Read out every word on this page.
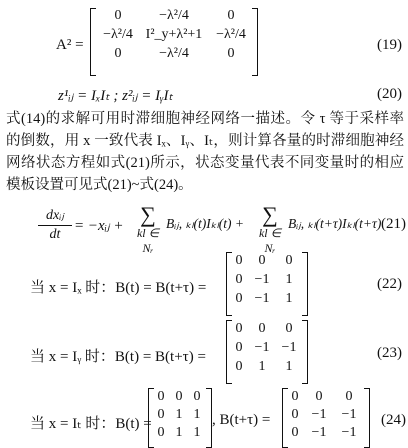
A² =
0	−λ²/4	0
−λ²/4 I²_y+λ²+1 −λ²/4
0	−λ²/4	0
(19)
z¹ᵢⱼ = IₓIₜ ; z²ᵢⱼ = IᵧIₜ	(20)
式(14)的求解可用时滞细胞神经网络一描述。令 τ 等于采样率的倒数，用 x 一致代表 Iₓ、Iᵧ、Iₜ，则计算各量的时滞细胞神经网络状态方程如式(21)所示，状态变量代表不同变量时的相应模板设置可见式(21)~式(24)。
dxᵢⱼ
dt
= −xᵢⱼ + ∑
kl ∈ Nᵣ
Bᵢⱼ, ₖₗ(t)Iₖₗ(t) + ∑
kl ∈ Nᵣ
Bᵢⱼ, ₖₗ(t+τ)Iₖₗ(t+τ) (21)
当 x = Iₓ 时：B(t) = B(t+τ) =
0	0	0
0 −1	1
0 −1	1
(22)
当 x = Iᵧ 时：B(t) = B(t+τ) =
0	0	0
0 −1 −1
0	1	1
(23)
当 x = Iₜ 时：B(t) =
0 0 0
0 1 1
0 1 1
, B(t+τ) =
0	0	0
0 −1	−1
0 −1	−1
(24)
